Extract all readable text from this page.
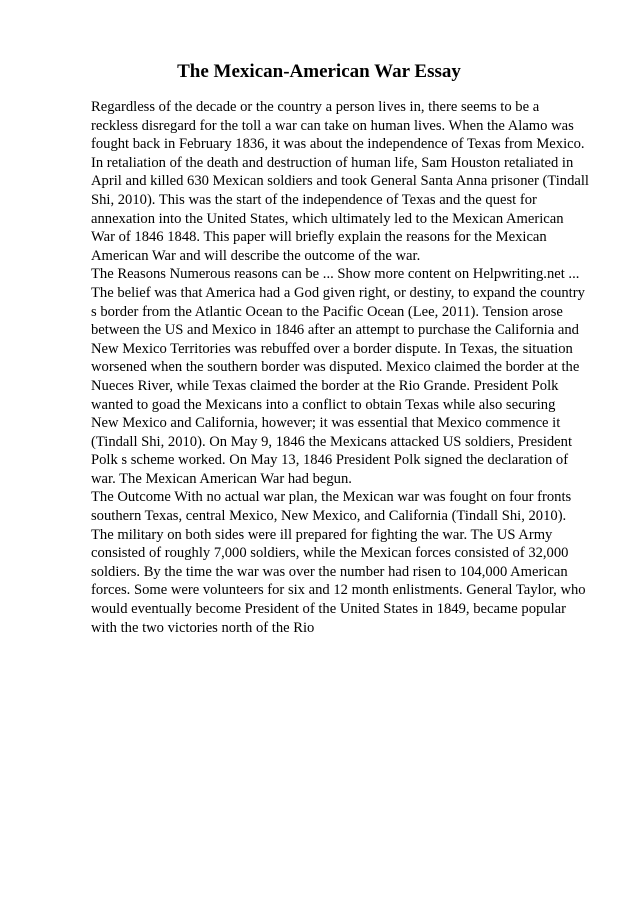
The Mexican-American War Essay
Regardless of the decade or the country a person lives in, there seems to be a
reckless disregard for the toll a war can take on human lives. When the Alamo was
fought back in February 1836, it was about the independence of Texas from Mexico.
In retaliation of the death and destruction of human life, Sam Houston retaliated in
April and killed 630 Mexican soldiers and took General Santa Anna prisoner (Tindall
Shi, 2010). This was the start of the independence of Texas and the quest for
annexation into the United States, which ultimately led to the Mexican American
War of 1846 1848. This paper will briefly explain the reasons for the Mexican
American War and will describe the outcome of the war.
The Reasons Numerous reasons can be ... Show more content on Helpwriting.net ...
The belief was that America had a God given right, or destiny, to expand the country
s border from the Atlantic Ocean to the Pacific Ocean (Lee, 2011). Tension arose
between the US and Mexico in 1846 after an attempt to purchase the California and
New Mexico Territories was rebuffed over a border dispute. In Texas, the situation
worsened when the southern border was disputed. Mexico claimed the border at the
Nueces River, while Texas claimed the border at the Rio Grande. President Polk
wanted to goad the Mexicans into a conflict to obtain Texas while also securing
New Mexico and California, however; it was essential that Mexico commence it
(Tindall Shi, 2010). On May 9, 1846 the Mexicans attacked US soldiers, President
Polk s scheme worked. On May 13, 1846 President Polk signed the declaration of
war. The Mexican American War had begun.
The Outcome With no actual war plan, the Mexican war was fought on four fronts
southern Texas, central Mexico, New Mexico, and California (Tindall Shi, 2010).
The military on both sides were ill prepared for fighting the war. The US Army
consisted of roughly 7,000 soldiers, while the Mexican forces consisted of 32,000
soldiers. By the time the war was over the number had risen to 104,000 American
forces. Some were volunteers for six and 12 month enlistments. General Taylor, who
would eventually become President of the United States in 1849, became popular
with the two victories north of the Rio
